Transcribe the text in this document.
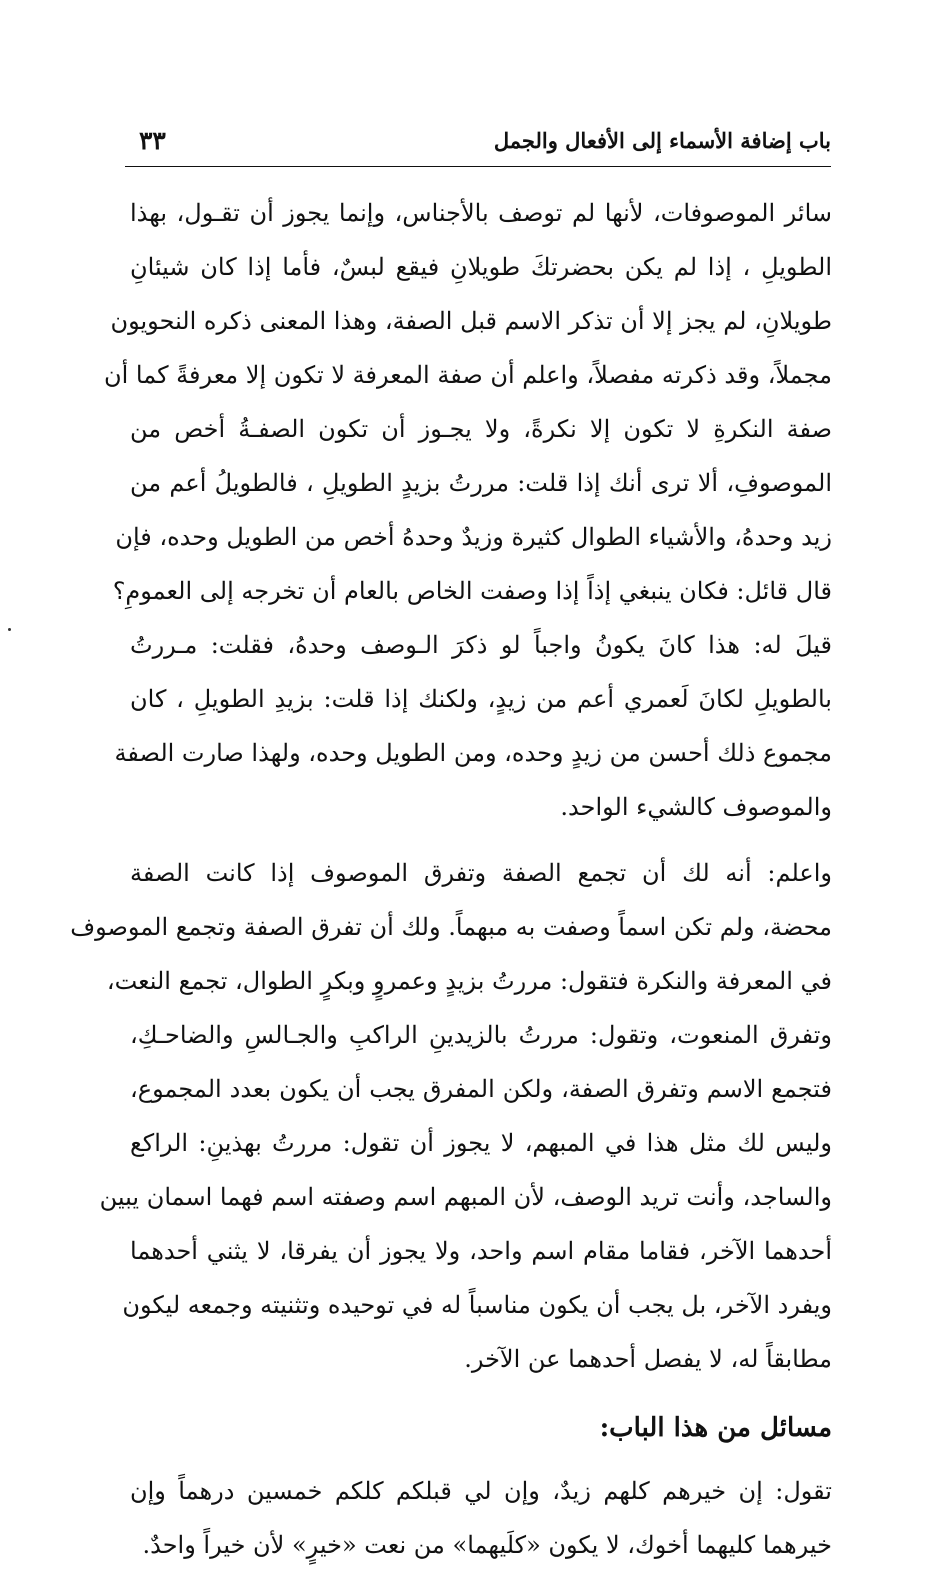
باب إضافة الأسماء إلى الأفعال والجمل
٣٣
سائر الموصوفات، لأنها لم توصف بالأجناس، وإنما يجوز أن تقـول، بهذا
الطويلِ ، إذا لم يكن بحضرتكَ طويلانِ فيقع لبسٌ، فأما إذا كان شيئانِ
طويلانِ، لم يجز إلا أن تذكر الاسم قبل الصفة، وهذا المعنى ذكره النحويون
مجملاً، وقد ذكرته مفصلاً، واعلم أن صفة المعرفة لا تكون إلا معرفةً كما أن
صفة النكرةِ لا تكون إلا نكرةً، ولا يجـوز أن تكون الصفـةُ أخص من
الموصوفِ، ألا ترى أنك إذا قلت: مررتُ بزيدٍ الطويلِ ، فالطويلُ أعم من
زيد وحدهُ، والأشياء الطوال كثيرة وزيدٌ وحدهُ أخص من الطويل وحده، فإن
قال قائل: فكان ينبغي إذاً إذا وصفت الخاص بالعام أن تخرجه إلى العمومِ؟
قيلَ له: هذا كانَ يكونُ واجباً لو ذكرَ الـوصف وحدهُ، فقلت: مـررتُ
بالطويلِ لكانَ لَعمري أعم من زيدٍ، ولكنك إذا قلت: بزيدِ الطويلِ ، كان
مجموع ذلك أحسن من زيدٍ وحده، ومن الطويل وحده، ولهذا صارت الصفة
والموصوف كالشيء الواحد.
واعلم: أنه لك أن تجمع الصفة وتفرق الموصوف إذا كانت الصفة
محضة، ولم تكن اسماً وصفت به مبهماً. ولك أن تفرق الصفة وتجمع الموصوف
في المعرفة والنكرة فتقول: مررتُ بزيدٍ وعمروٍ وبكرٍ الطوال، تجمع النعت،
وتفرق المنعوت، وتقول: مررتُ بالزيدينِ الراكبِ والجـالسِ والضاحـكِ،
فتجمع الاسم وتفرق الصفة، ولكن المفرق يجب أن يكون بعدد المجموع،
وليس لك مثل هذا في المبهم، لا يجوز أن تقول: مررتُ بهذينِ: الراكع
والساجد، وأنت تريد الوصف، لأن المبهم اسم وصفته اسم فهما اسمان يبين
أحدهما الآخر، فقاما مقام اسم واحد، ولا يجوز أن يفرقا، لا يثني أحدهما
ويفرد الآخر، بل يجب أن يكون مناسباً له في توحيده وتثنيته وجمعه ليكون
مطابقاً له، لا يفصل أحدهما عن الآخر.
مسائل من هذا الباب:
تقول: إن خيرهم كلهم زيدٌ، وإن لي قبلكم كلكم خمسين درهماً وإن
خيرهما كليهما أخوك، لا يكون «كلَيهما» من نعت «خيرٍ» لأن خيراً واحدٌ.
